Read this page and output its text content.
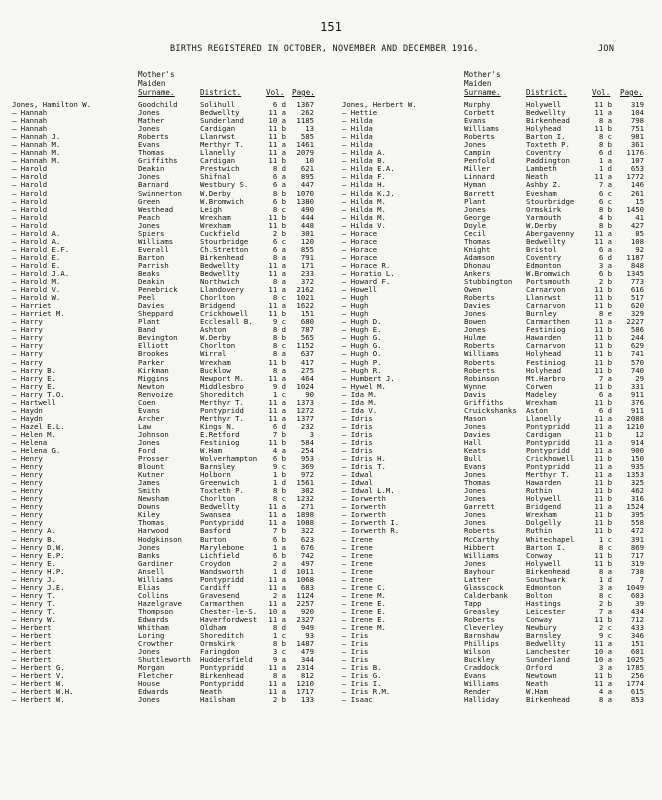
151
BIRTHS REGISTERED IN OCTOBER, NOVEMBER AND DECEMBER 1916.	JON
Mother's
Maiden
Surname.	District.	Vol. Page.
Mother's
Maiden
Surname.	District.	Vol. Page.
Jones, Hamilton W.	Goodchild	Solihull	6 d	1367
— Hannah	Jones	Bedwellty	11 a	262
— Hannah	Mather	Sunderland	10 a	1185
— Hannah	Jones	Cardigan	11 b	13
— Hannah J.	Roberts	Llanrwst	11 b	585
— Hannah M.	Evans	Merthyr T.	11 a	1461
— Hannah M.	Thomas	Llanelly	11 a	2079
— Hannah M.	Griffiths	Cardigan	11 b	10
— Harold	Deakin	Prestwich	8 d	621
— Harold	Jones	Shifnal	6 a	895
— Harold	Barnard	Westbury S.	6 a	447
— Harold	Swinnerton	W.Derby	8 b	1070
— Harold	Green	W.Bromwich	6 b	1380
— Harold	Westhead	Leigh	8 c	490
— Harold	Peach	Wrexham	11 b	444
— Harold	Jones	Wrexham	11 b	448
— Harold A.	Spiers	Cuckfield	2 b	301
— Harold A.	Williams	Stourbridge	6 c	120
— Harold E.F.	Everall	Ch.Stretton	6 a	855
— Harold E.	Barton	Birkenhead	8 a	791
— Harold E.	Parrish	Bedwellty	11 a	171
— Harold J.A.	Beaks	Bedwellty	11 a	233
— Harold M.	Deakin	Northwich	8 a	372
— Harold V.	Penebrick	Llandovery	11 a	2162
— Harold W.	Peel	Chorlton	8 c	1021
— Harriet	Davies	Bridgend	11 a	1622
— Harriet M.	Sheppard	Crickhowell	11 b	151
— Harry	Plant	Ecclesall B.	9 c	680
— Harry	Band	Ashton	8 d	787
— Harry	Bevington	W.Derby	8 b	565
— Harry	Elliott	Chorlton	8 c	1152
— Harry	Brookes	Wirral	8 a	637
— Harry	Parker	Wrexham	11 b	417
— Harry B.	Kirkman	Bucklow	8 a	275
— Harry E.	Miggins	Newport M.	11 a	464
— Harry E.	Newton	Middlesbro	9 d	1024
— Harry T.O.	Renvoize	Shoreditch	1 c	90
— Hartwell	Coen	Merthyr T.	11 a	1373
— Haydn	Evans	Pontypridd	11 a	1272
— Haydn	Archer	Merthyr T.	11 a	1377
— Hazel E.L.	Law	Kings N.	6 d	232
— Helen M.	Johnson	E.Retford	7 b	3
— Helena	Jones	Festiniog	11 b	584
— Helena G.	Ford	W.Ham	4 a	254
— Henry	Prosser	Wolverhampton	6 b	953
— Henry	Blount	Barnsley	9 c	369
— Henry	Kutner	Holborn	1 b	972
— Henry	James	Greenwich	1 d	1561
— Henry	Smith	Toxteth P.	8 b	302
— Henry	Newsham	Chorlton	8 c	1232
— Henry	Downs	Bedwellty	11 a	271
— Henry	Kiley	Swansea	11 a	1898
— Henry	Thomas	Pontypridd	11 a	1088
— Henry A.	Harwood	Basford	7 b	322
— Henry B.	Hodgkinson	Burton	6 b	623
— Henry D.W.	Jones	Marylebone	1 a	676
— Henry E.P.	Banks	Lichfield	6 b	742
— Henry E.	Gardiner	Croydon	2 a	497
— Henry H.P.	Ansell	Wandsworth	1 d	1011
— Henry J.	Williams	Pontypridd	11 a	1068
— Henry J.E.	Elias	Cardiff	11 a	683
— Henry T.	Collins	Gravesend	2 a	1124
— Henry T.	Hazelgrave	Carmarthen	11 a	2257
— Henry T.	Thompson	Chester-le-S.	10 a	920
— Henry W.	Edwards	Haverfordwest	11 a	2327
— Herbert	Whitham	Oldham	8 d	949
— Herbert	Loring	Shoreditch	1 c	93
— Herbert	Crowther	Ormskirk	8 b	1487
— Herbert	Jones	Faringdon	3 c	479
— Herbert	Shuttleworth	Huddersfield	9 a	344
— Herbert G.	Morgan	Pontypridd	11 a	2314
— Herbert V.	Fletcher	Birkenhead	8 a	812
— Herbert W.	House	Pontypridd	11 a	1210
— Herbert W.H.	Edwards	Neath	11 a	1717
— Herbert W.	Jones	Hailsham	2 b	133
Jones, Herbert W.	Murphy	Holywell	11 b	319
— Hettie	Corbett	Bedwellty	11 a	104
— Hilda	Evans	Birkenhead	8 a	798
— Hilda	Williams	Holyhead	11 b	751
— Hilda	Roberts	Barton I.	8 c	981
— Hilda	Jones	Toxteth P.	8 b	361
— Hilda A.	Campin	Coventry	6 d	1176
— Hilda B.	Penfold	Paddington	1 a	107
— Hilda E.A.	Miller	Lambeth	1 d	653
— Hilda F.	Linnard	Neath	11 a	1772
— Hilda H.	Hyman	Ashby Z.	7 a	146
— Hilda K.J.	Barrett	Evesham	6 c	261
— Hilda M.	Plant	Stourbridge	6 c	15
— Hilda M.	Jones	Ormskirk	8 b	1450
— Hilda M.	George	Yarmouth	4 b	41
— Hilda V.	Doyle	W.Derby	8 b	427
— Horace	Cecil	Abergavenny	11 a	85
— Horace	Thomas	Bedwellty	11 a	108
— Horace	Knight	Bristol	6 a	92
— Horace	Adamson	Coventry	6 d	1187
— Horace R.	Dhonau	Edmonton	3 a	848
— Horatio L.	Ankers	W.Bromwich	6 b	1345
— Howard F.	Stubbington	Portsmouth	2 b	773
— Howell	Owen	Carnarvon	11 b	616
— Hugh	Roberts	Llanrwst	11 b	517
— Hugh	Davies	Carnarvon	11 b	620
— Hugh	Jones	Burnley	8 e	329
— Hugh D.	Bowen	Carmarthen	11 a	2227
— Hugh E.	Jones	Festiniog	11 b	586
— Hugh G.	Hulme	Hawarden	11 b	244
— Hugh G.	Roberts	Carnarvon	11 b	629
— Hugh O.	Williams	Holyhead	11 b	741
— Hugh P.	Roberts	Festiniog	11 b	570
— Hugh R.	Roberts	Holyhead	11 b	740
— Humbert J.	Robinson	Mt.Harbro	7 a	29
— Hywel M.	Wynne	Corwen	11 b	331
— Ida M.	Davis	Madeley	6 a	911
— Ida M.	Griffiths	Wrexham	11 b	376
— Ida V.	Cruickshanks	Aston	6 d	911
— Idris	Mason	Llanelly	11 a	2088
— Idris	Jones	Pontypridd	11 a	1210
— Idris	Davies	Cardigan	11 b	12
— Idris	Hall	Pontypridd	11 a	914
— Idris	Keats	Pontypridd	11 a	900
— Idris H.	Bull	Crickhowell	11 b	150
— Idris T.	Evans	Pontypridd	11 a	935
— Idwal	Jones	Merthyr T.	11 a	1353
— Idwal	Thomas	Hawarden	11 b	325
— Idwal L.M.	Jones	Ruthin	11 b	462
— Iorwerth	Jones	Holywell	11 b	316
— Iorwerth	Garrett	Bridgend	11 a	1524
— Iorwerth	Jones	Wrexham	11 b	395
— Iorwerth I.	Jones	Dolgelly	11 b	558
— Iorwerth R.	Roberts	Ruthin	11 b	472
— Irene	McCarthy	Whitechapel	1 c	391
— Irene	Hibbert	Barton I.	8 c	869
— Irene	Williams	Conway	11 b	717
— Irene	Jones	Holywell	11 b	319
— Irene	Bayhour	Birkenhead	8 a	738
— Irene	Latter	Southwark	1 d	7
— Irene C.	Glasscock	Edmonton	3 a	1049
— Irene M.	Calderbank	Bolton	8 c	603
— Irene E.	Tapp	Hastings	2 b	39
— Irene E.	Greasley	Leicester	7 a	434
— Irene E.	Roberts	Conway	11 b	712
— Irene M.	Cleverley	Newbury	2 c	433
— Iris	Barnshaw	Barnsley	9 c	346
— Iris	Phillips	Bedwellty	11 a	151
— Iris	Wilson	Lanchester	10 a	601
— Iris	Buckley	Sunderland	10 a	1025
— Iris B.	Craddock	Orford	3 a	1785
— Iris G.	Evans	Newtown	11 b	256
— Iris I.	Williams	Neath	11 a	1774
— Iris R.M.	Render	W.Ham	4 a	615
— Isaac	Halliday	Birkenhead	8 a	853
